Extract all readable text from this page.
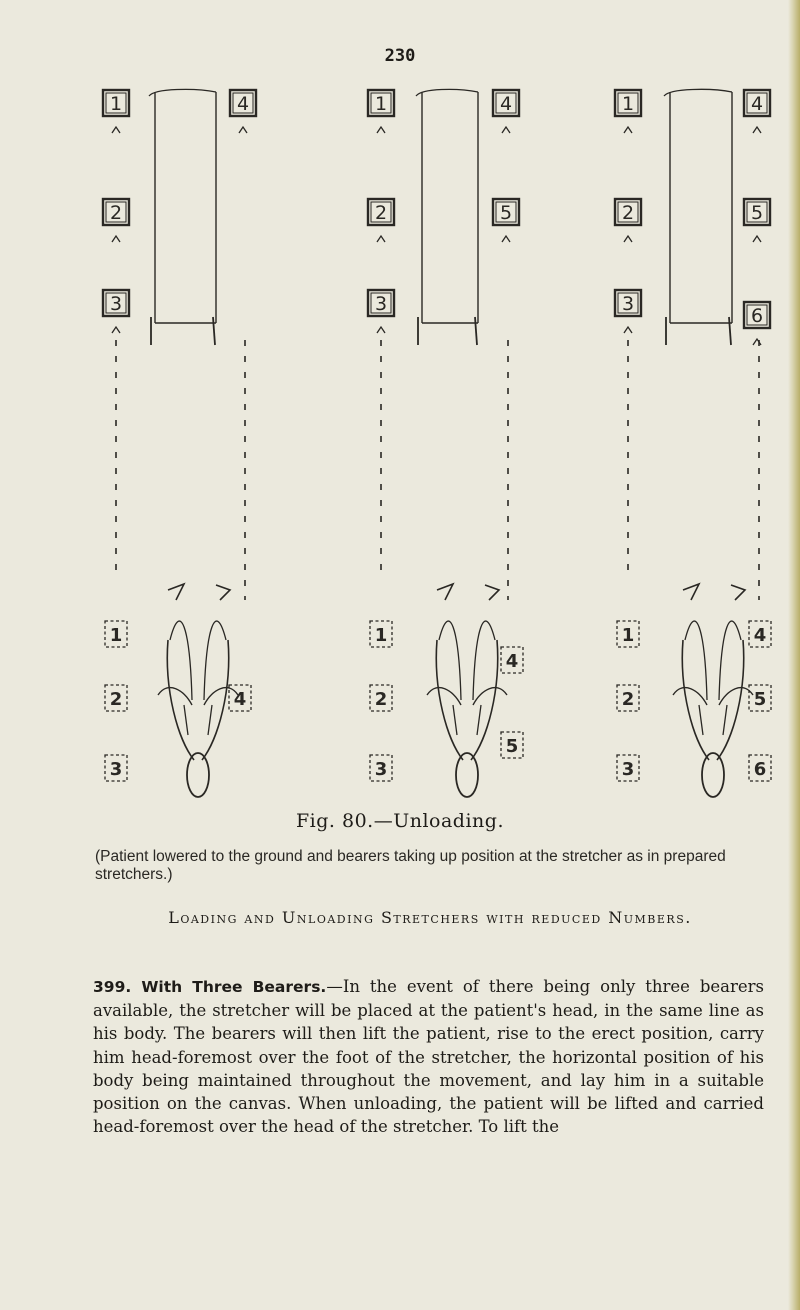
230
1
2
3
4
1
2
3
4
1
2
3
4
5
1
2
3
4
5
1
2
3
4
5
6
1
2
3
4
5
6
Fig. 80.—Unloading.
(Patient lowered to the ground and bearers taking up position at the stretcher as in prepared stretchers.)
Loading and Unloading Stretchers with reduced Numbers.
399. With Three Bearers.—In the event of there being only three bearers available, the stretcher will be placed at the patient's head, in the same line as his body. The bearers will then lift the patient, rise to the erect position, carry him head-foremost over the foot of the stretcher, the horizontal position of his body being maintained throughout the movement, and lay him in a suitable position on the canvas. When unloading, the patient will be lifted and carried head-foremost over the head of the stretcher. To lift the
